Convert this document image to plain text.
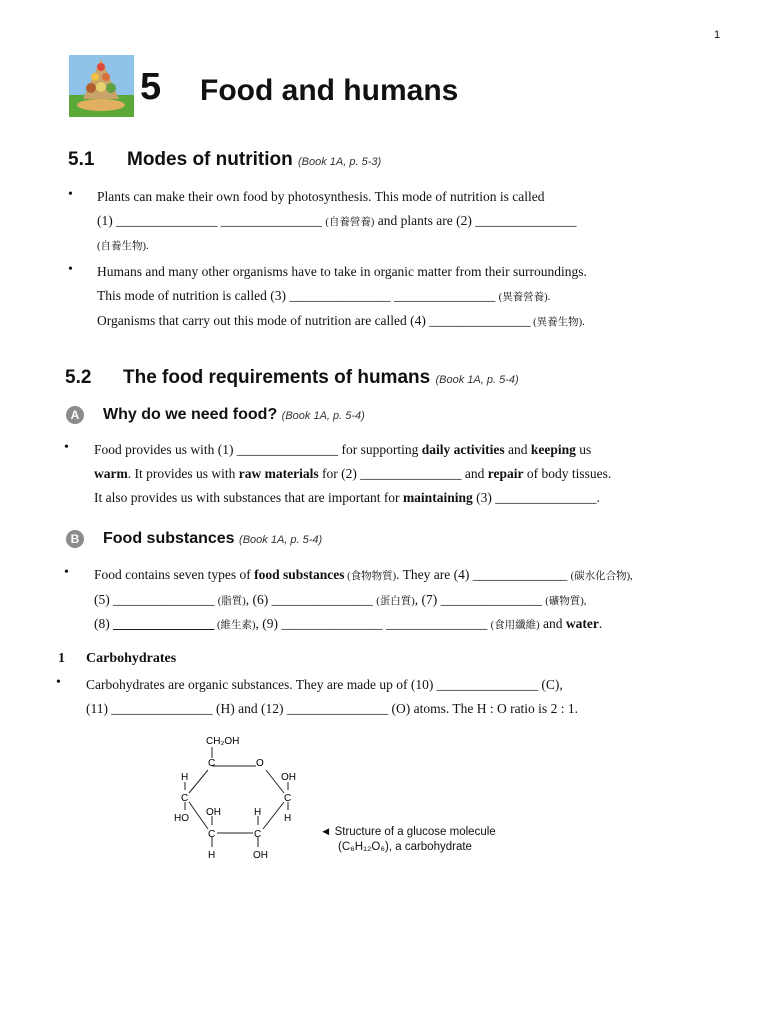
1
5 Food and humans
5.1 Modes of nutrition (Book 1A, p. 5-3)
• Plants can make their own food by photosynthesis. This mode of nutrition is called
(1) _______________ _______________ (自養營養) and plants are (2) _______________
(自養生物).
• Humans and many other organisms have to take in organic matter from their surroundings.
This mode of nutrition is called (3) _______________ _______________ (異養營養).
Organisms that carry out this mode of nutrition are called (4) _______________ (異養生物).
5.2 The food requirements of humans (Book 1A, p. 5-4)
A Why do we need food? (Book 1A, p. 5-4)
• Food provides us with (1) _______________ for supporting daily activities and keeping us
warm. It provides us with raw materials for (2) _______________ and repair of body tissues.
It also provides us with substances that are important for maintaining (3) _______________.
B Food substances (Book 1A, p. 5-4)
• Food contains seven types of food substances (食物物質). They are (4) ______________ (碳水化合物),
(5) _______________ (脂質), (6) _______________ (蛋白質), (7) _______________ (礦物質),
(8) _______________ (維生素), (9) _______________ _______________ (食用纖維) and water.
1 Carbohydrates
• Carbohydrates are organic substances. They are made up of (10) _______________ (C),
(11) _______________ (H) and (12) _______________ (O) atoms. The H : O ratio is 2 : 1.
CH₂OH
C	O
H	OH
C	C
OH	H
HO	H
C	C
H	OH
◄ Structure of a glucose molecule
(C₆H₁₂O₆), a carbohydrate
